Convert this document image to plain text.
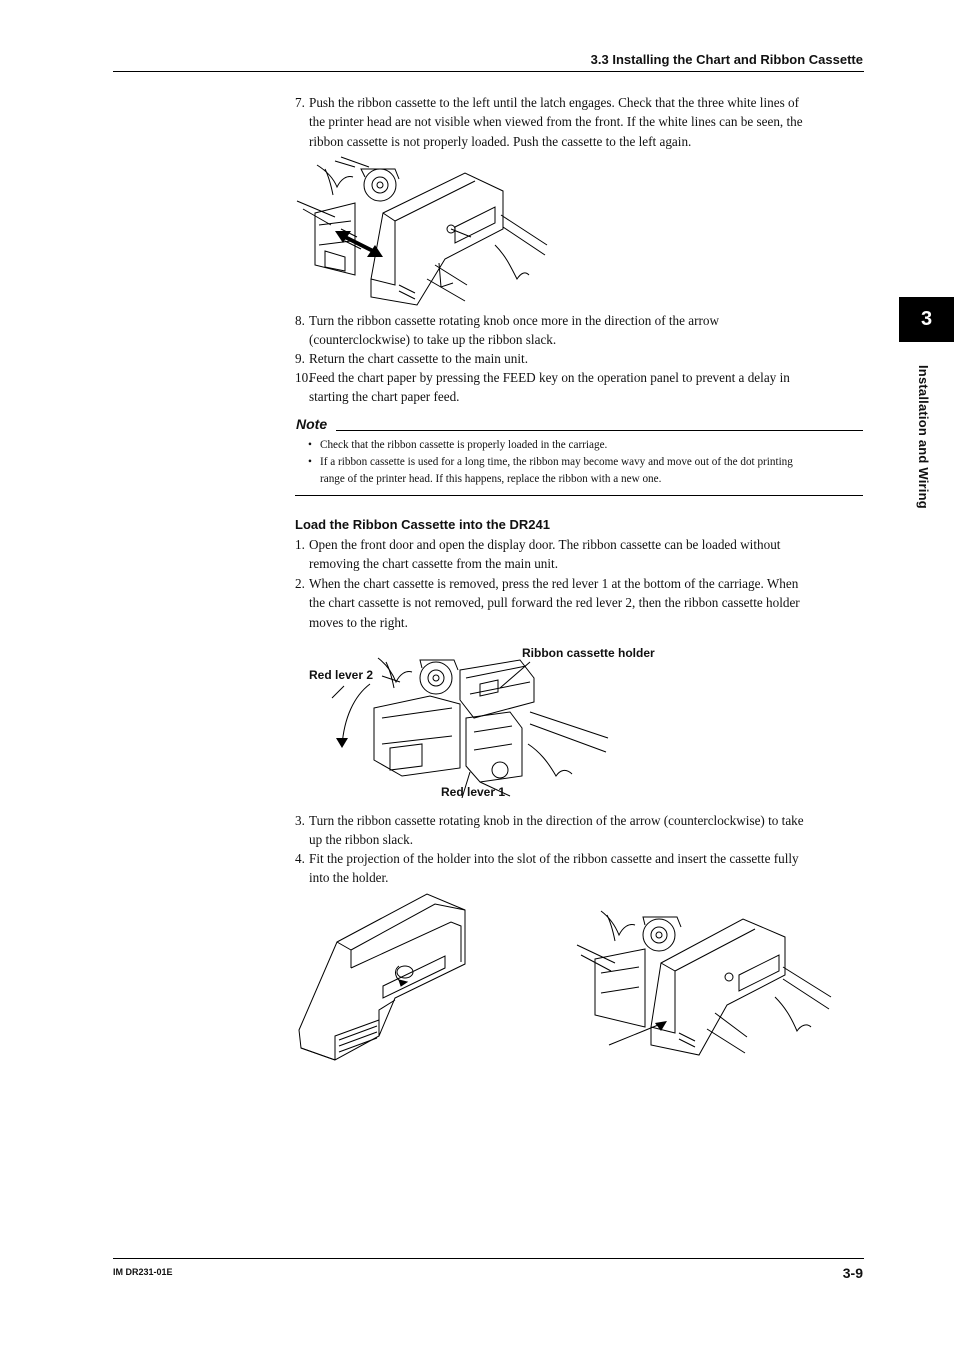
3.3 Installing the Chart and Ribbon Cassette
3
Installation and Wiring
7. Push the ribbon cassette to the left until the latch engages. Check that the three white lines of
the printer head are not visible when viewed from the front. If the white lines can be seen, the
ribbon cassette is not properly loaded. Push the cassette to the left again.
8. Turn the ribbon cassette rotating knob once more in the direction of the arrow
(counterclockwise) to take up the ribbon slack.
9. Return the chart cassette to the main unit.
10.Feed the chart paper by pressing the FEED key on the operation panel to prevent a delay in
starting the chart paper feed.
Note
• Check that the ribbon cassette is properly loaded in the carriage.
• If a ribbon cassette is used for a long time, the ribbon may become wavy and move out of the dot printing
range of the printer head. If this happens, replace the ribbon with a new one.
Load the Ribbon Cassette into the DR241
1. Open the front door and open the display door. The ribbon cassette can be loaded without
removing the chart cassette from the main unit.
2. When the chart cassette is removed, press the red lever 1 at the bottom of the carriage. When
the chart cassette is not removed, pull forward the red lever 2, then the ribbon cassette holder
moves to the right.
Ribbon cassette holder
Red lever 2
Red lever 1
3. Turn the ribbon cassette rotating knob in the direction of the arrow (counterclockwise) to take
up the ribbon slack.
4. Fit the projection of the holder into the slot of the ribbon cassette and insert the cassette fully
into the holder.
IM DR231-01E	3-9
